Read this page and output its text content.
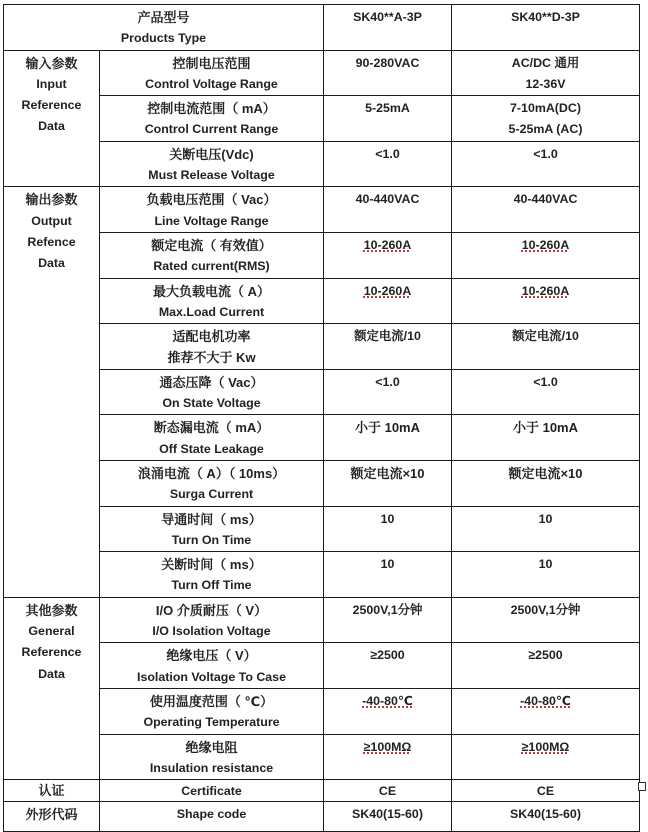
产品型号
Products Type		SK40**A-3P	SK40**D-3P

输入参数
Input
Reference
Data	控制电压范围
Control Voltage Range	90-280VAC	AC/DC 通用
12-36V

	控制电流范围（ mA）
Control Current Range	5-25mA	7-10mA(DC)
5-25mA (AC)

	关断电压(Vdc)
Must Release Voltage	<1.0	<1.0

输出参数
Output
Refence
Data	负载电压范围（ Vac）
Line Voltage Range	40-440VAC	40-440VAC

	额定电流（ 有效值）
Rated current(RMS)	10-260A	10-260A

	最大负载电流（ A）
Max.Load Current	10-260A	10-260A

	适配电机功率
推荐不大于 Kw	额定电流/10	额定电流/10

	通态压降（ Vac）
On State Voltage	<1.0	<1.0

	断态漏电流（ mA）
Off State Leakage	小于 10mA	小于 10mA

	浪涌电流（ A）（ 10ms）
Surga Current	额定电流×10	额定电流×10

	导通时间（ ms）
Turn On Time	10	10

	关断时间（ ms）
Turn Off Time	10	10

其他参数
General
Reference
Data	I/O 介质耐压（ V）
I/O Isolation Voltage	2500V,1分钟	2500V,1分钟

	绝缘电压（ V）
Isolation Voltage To Case	≥2500	≥2500

	使用温度范围（ ℃）
Operating Temperature	-40-80℃	-40-80℃

	绝缘电阻
Insulation resistance	≥100MΩ	≥100MΩ

认证	Certificate	CE	CE

外形代码	Shape code	SK40(15-60)	SK40(15-60)
